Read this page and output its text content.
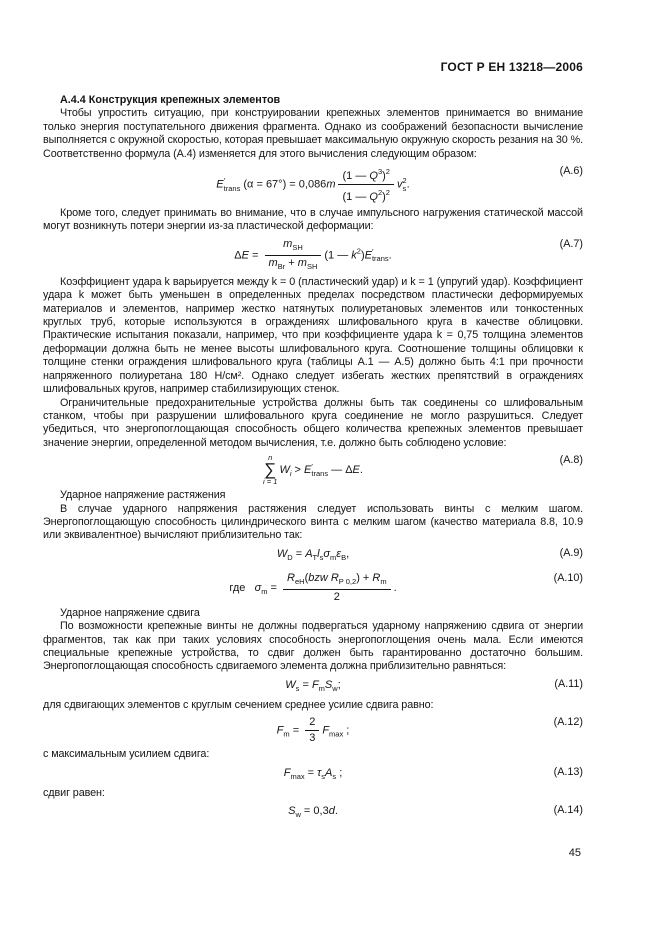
ГОСТ Р ЕН 13218—2006
А.4.4 Конструкция крепежных элементов

Чтобы упростить ситуацию, при конструировании крепежных элементов принимается во внимание только энергия поступательного движения фрагмента. Однако из соображений безопасности вычисление выполняется с окружной скоростью, которая превышает максимальную окружную скорость резания на 30 %. Соответственно формула (А.4) изменяется для этого вычисления следующим образом:

E ′
trans $(\alpha = 67^\circ) = 0,086m \frac{(1 — Q^3)^2}{(1 — Q^2)^2}$ v 2
s .
(А.6)

Кроме того, следует принимать во внимание, что в случае импульсного нагружения статической массой могут возникнуть потери энергии из-за пластической деформации:

$\Delta E = \frac{m_{SH}}{m_{Br} + m_{SH}} (1$ — $k^2)E$ ′
trans .
(А.7)

Коэффициент удара k варьируется между k = 0 (пластический удар) и k = 1 (упругий удар). Коэффициент удара k может быть уменьшен в определенных пределах посредством пластически деформируемых материалов и элементов, например жестко натянутых полиуретановых элементов или тонкостенных круглых труб, которые используются в ограждениях шлифовального круга в качестве облицовки. Практические испытания показали, например, что при коэффициенте удара k = 0,75 толщина элементов деформации должна быть не менее высоты шлифовального круга. Соотношение толщины облицовки к толщине стенки ограждения шлифовального круга (таблицы А.1 — А.5) должно быть 4:1 при прочности напряженного полиуретана 180 Н/см². Однако следует избегать жестких препятствий в ограждениях шлифовальных кругов, например стабилизирующих стенок.

Ограничительные предохранительные устройства должны быть так соединены со шлифовальным станком, чтобы при разрушении шлифовального круга соединение не могло разрушиться. Следует убедиться, что энергопоглощающая способность общего количества крепежных элементов превышает значение энергии, определенной методом вычисления, т.е. должно быть соблюдено условие:

n
∑
i = 1
$W_i > E$ ′
trans — ΔE.
(А.8)

Ударное напряжение растяжения

В случае ударного напряжения растяжения следует использовать винты с мелким шагом. Энергопоглощающую способность цилиндрического винта с мелким шагом (качество материала 8.8, 10.9 или эквивалентное) вычисляют приблизительно так:

$W_D = A_Tl_s\sigma_m\varepsilon_B$,	(А.9)
где   $\sigma_m = \frac{R_{eH}(bzw R_{P 0,2}) + R_m}{2}$ .
(А.10)

Ударное напряжение сдвига

По возможности крепежные винты не должны подвергаться ударному напряжению сдвига от энергии фрагментов, так как при таких условиях способность энергопоглощения очень мала. Если имеются специальные крепежные устройства, то сдвиг должен быть гарантированно достаточно большим. Энергопоглощающая способность сдвигаемого элемента должна приблизительно равняться:

$W_s = F_mS_w$;	(А.11)

для сдвигающих элементов с круглым сечением среднее усилие сдвига равно:

$F_m = \frac{2}{3} F_{max}$ ;
(А.12)

с максимальным усилием сдвига:

$F_{max} = \tau_sA_s$ ;	(А.13)

сдвиг равен:

$S_w = 0,3d$.	(А.14)
45
